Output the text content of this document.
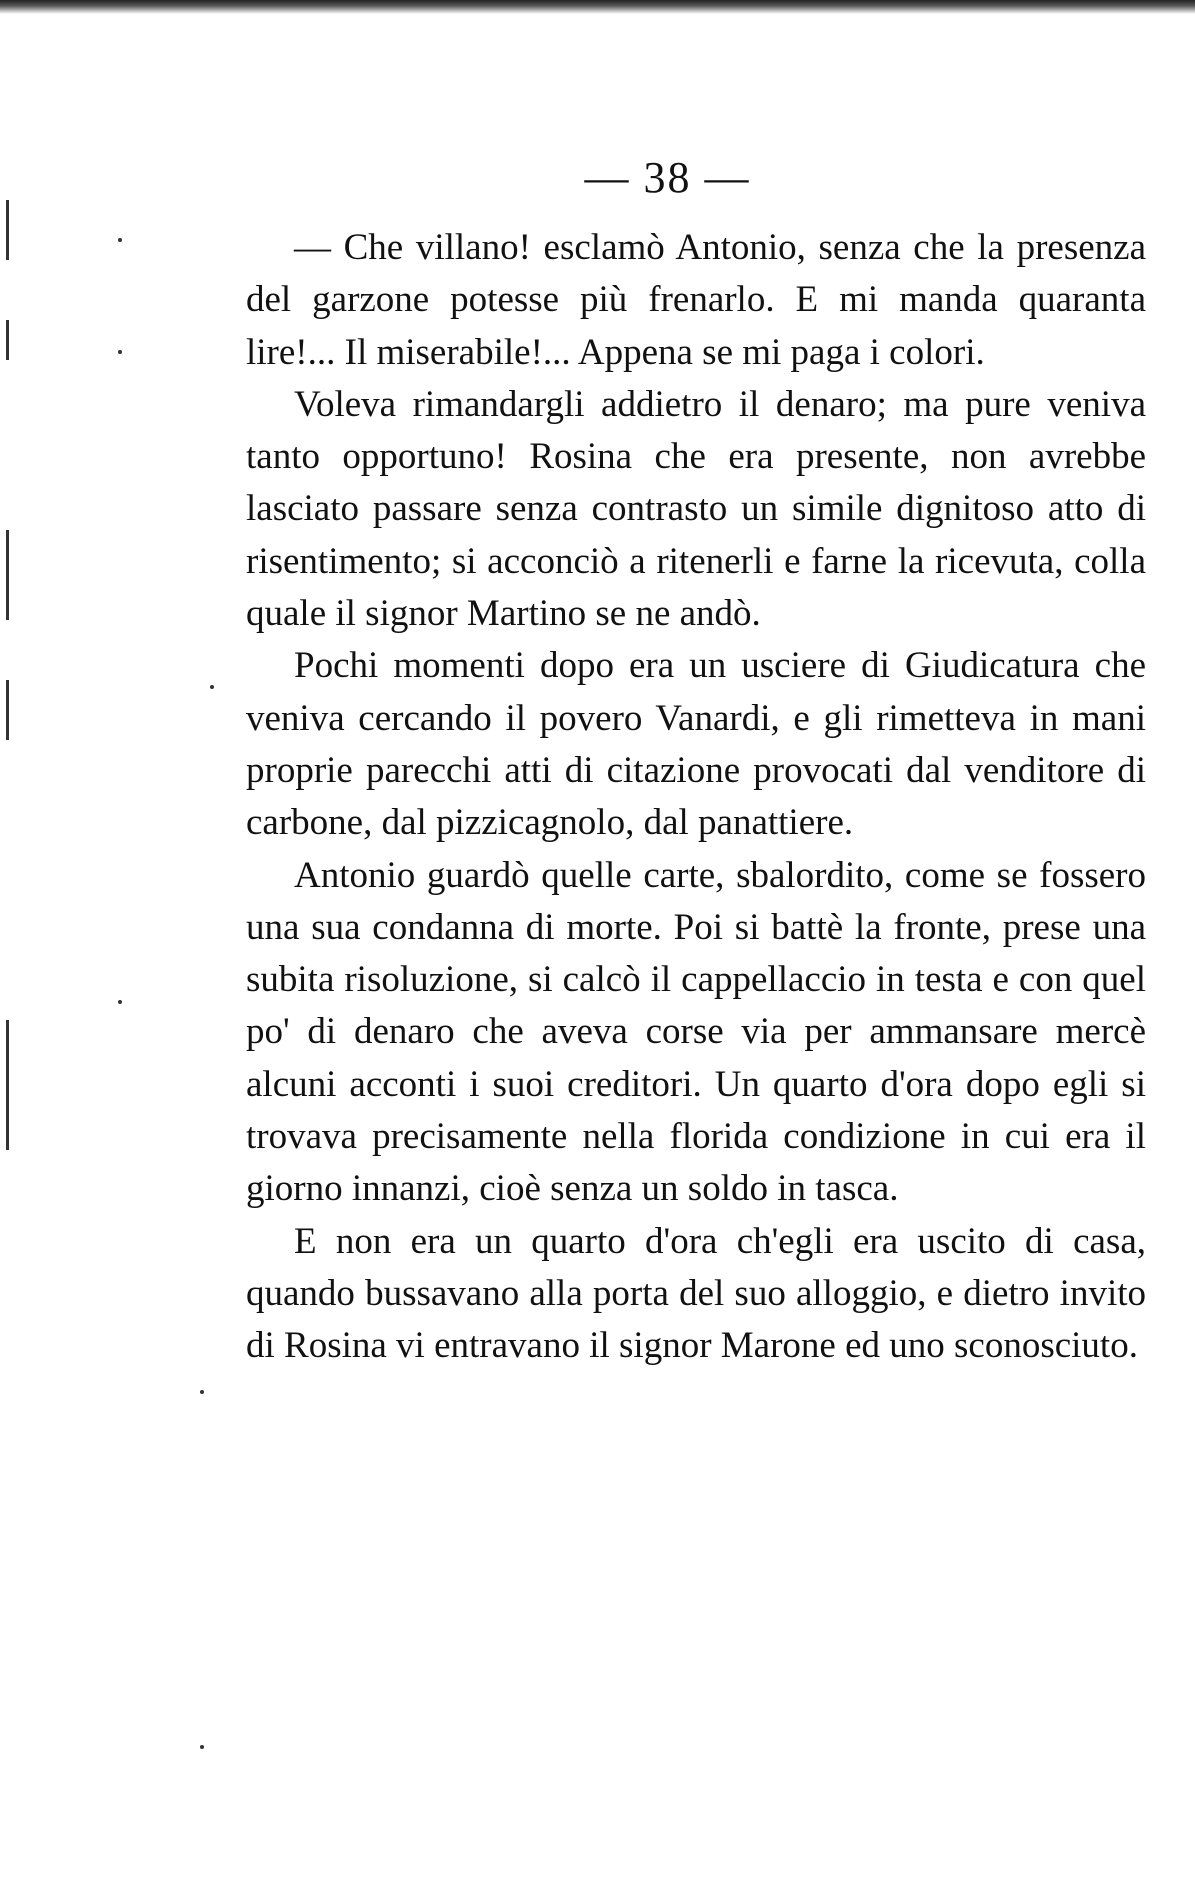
— 38 —

— Che villano! esclamò Antonio, senza che la presenza del garzone potesse più frenarlo. E mi manda quaranta lire!... Il miserabile!... Appena se mi paga i colori.

Voleva rimandargli addietro il denaro; ma pure veniva tanto opportuno! Rosina che era presente, non avrebbe lasciato passare senza contrasto un simile dignitoso atto di risentimento; si acconciò a ritenerli e farne la ricevuta, colla quale il signor Martino se ne andò.

Pochi momenti dopo era un usciere di Giudicatura che veniva cercando il povero Vanardi, e gli rimetteva in mani proprie parecchi atti di citazione provocati dal venditore di carbone, dal pizzicagnolo, dal panattiere.

Antonio guardò quelle carte, sbalordito, come se fossero una sua condanna di morte. Poi si battè la fronte, prese una subita risoluzione, si calcò il cappellaccio in testa e con quel po' di denaro che aveva corse via per ammansare mercè alcuni acconti i suoi creditori. Un quarto d'ora dopo egli si trovava precisamente nella florida condizione in cui era il giorno innanzi, cioè senza un soldo in tasca.

E non era un quarto d'ora ch'egli era uscito di casa, quando bussavano alla porta del suo alloggio, e dietro invito di Rosina vi entravano il signor Marone ed uno sconosciuto.
